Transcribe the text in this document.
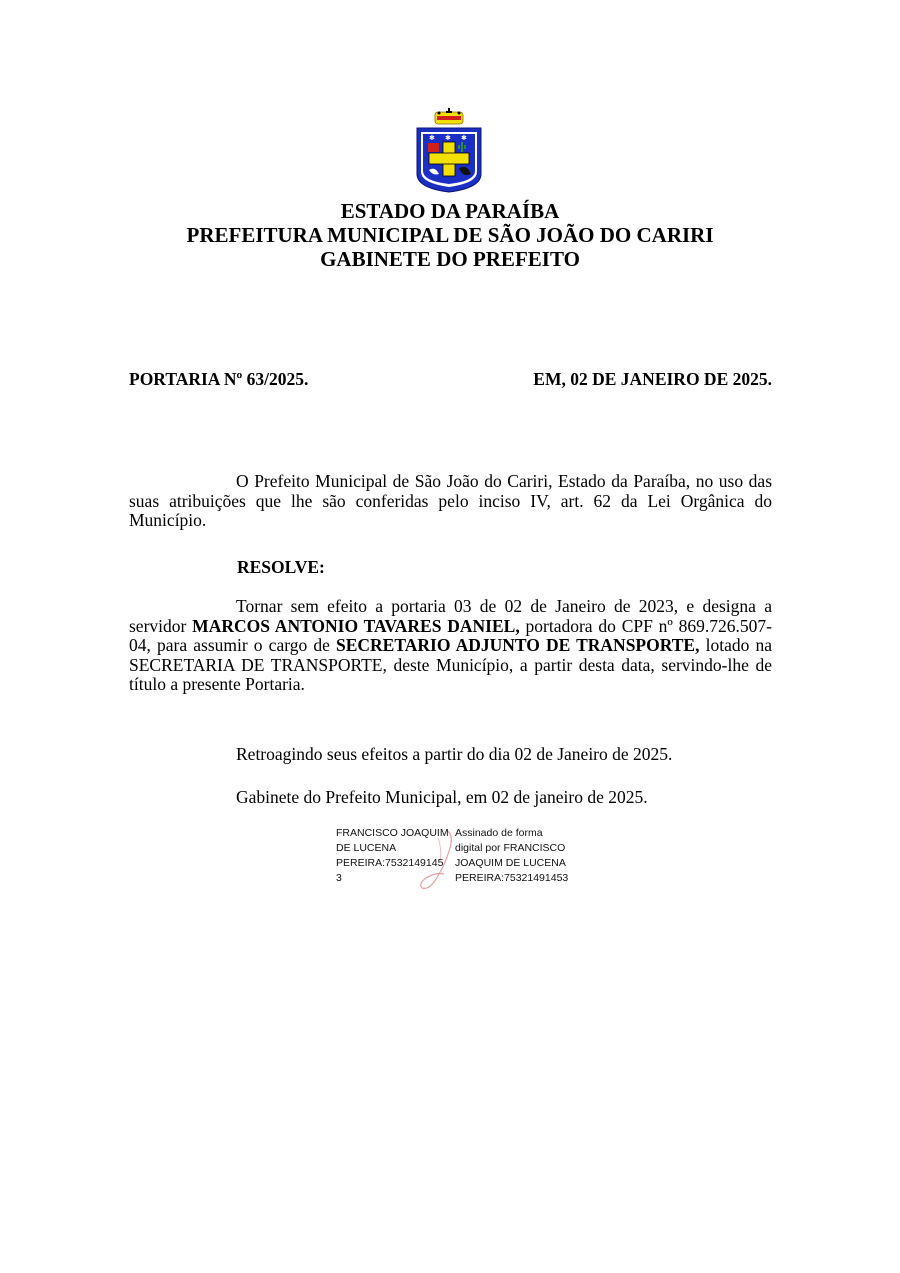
✱ ✱ ✱
ESTADO DA PARAÍBA
PREFEITURA MUNICIPAL DE SÃO JOÃO DO CARIRI
GABINETE DO PREFEITO
PORTARIA Nº 63/2025.	EM, 02 DE JANEIRO DE 2025.
O Prefeito Municipal de São João do Cariri, Estado da Paraíba, no uso das suas atribuições que lhe são conferidas pelo inciso IV, art. 62 da Lei Orgânica do Município.
RESOLVE:
Tornar sem efeito a portaria 03 de 02 de Janeiro de 2023, e designa a servidor MARCOS ANTONIO TAVARES DANIEL, portadora do CPF nº 869.726.507-04, para assumir o cargo de SECRETARIO ADJUNTO DE TRANSPORTE, lotado na SECRETARIA DE TRANSPORTE, deste Município, a partir desta data, servindo-lhe de título a presente Portaria.
Retroagindo seus efeitos a partir do dia 02 de Janeiro de 2025.
Gabinete do Prefeito Municipal, em 02 de janeiro de 2025.
FRANCISCO JOAQUIM
DE LUCENA
PEREIRA:7532149145
3
Assinado de forma
digital por FRANCISCO
JOAQUIM DE LUCENA
PEREIRA:75321491453
